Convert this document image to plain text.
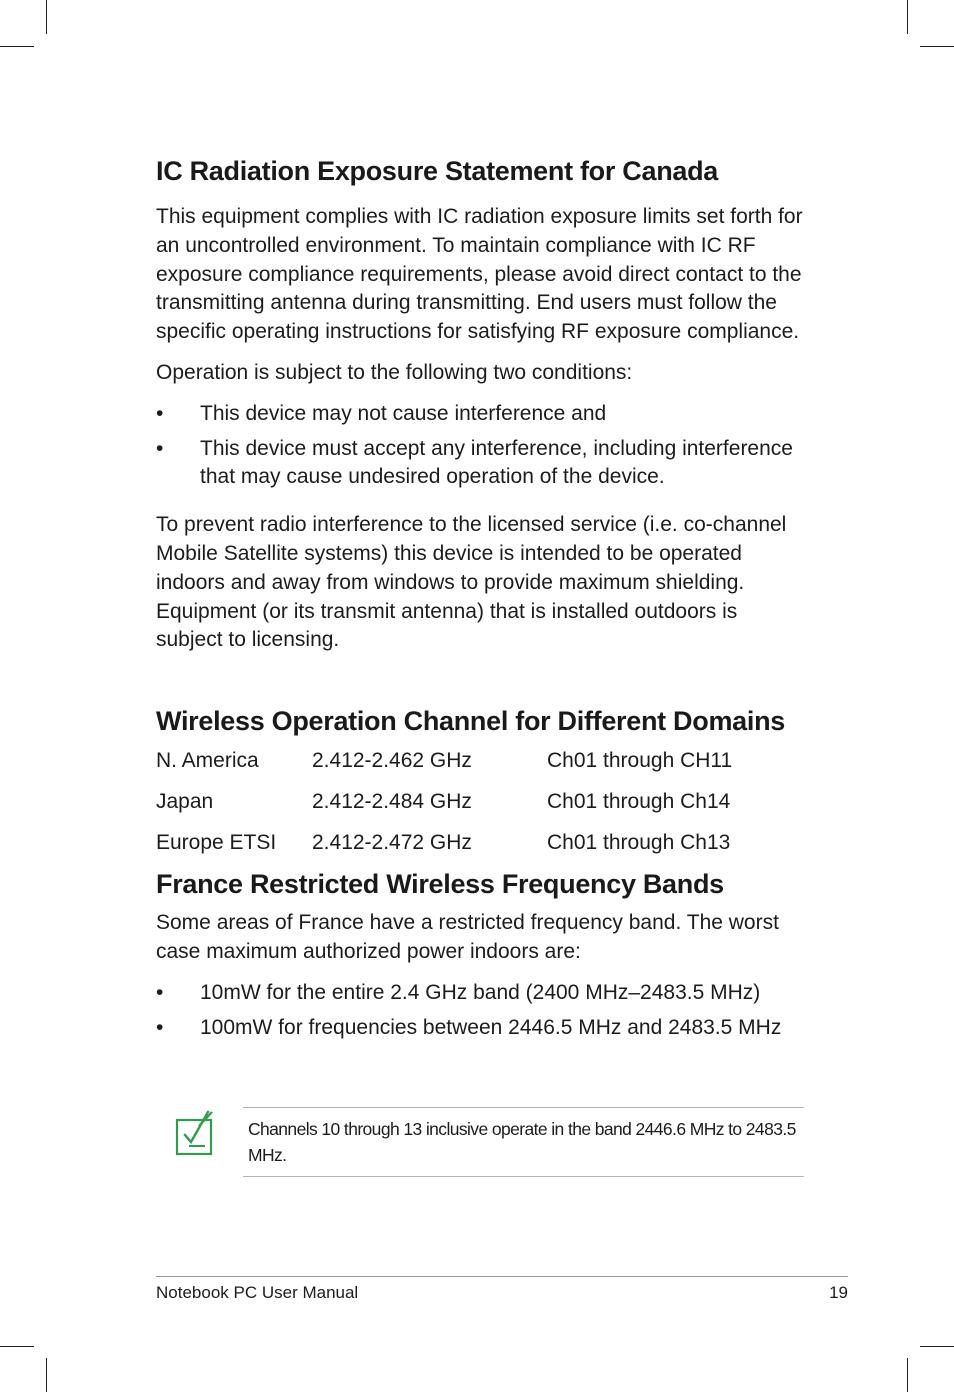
IC Radiation Exposure Statement for Canada

This equipment complies with IC radiation exposure limits set forth for an uncontrolled environment. To maintain compliance with IC RF exposure compliance requirements, please avoid direct contact to the transmitting antenna during transmitting. End users must follow the specific operating instructions for satisfying RF exposure compliance.

Operation is subject to the following two conditions:

• This device may not cause interference and
• This device must accept any interference, including interference that may cause undesired operation of the device.

To prevent radio interference to the licensed service (i.e. co-channel Mobile Satellite systems) this device is intended to be operated indoors and away from windows to provide maximum shielding. Equipment (or its transmit antenna) that is installed outdoors is subject to licensing.

Wireless Operation Channel for Different Domains
N. America	2.412-2.462 GHz	Ch01 through CH11
Japan	2.412-2.484 GHz	Ch01 through Ch14
Europe ETSI 2.412-2.472 GHz	Ch01 through Ch13
France Restricted Wireless Frequency Bands

Some areas of France have a restricted frequency band. The worst case maximum authorized power indoors are:

• 10mW for the entire 2.4 GHz band (2400 MHz–2483.5 MHz)
• 100mW for frequencies between 2446.5 MHz and 2483.5 MHz
Channels 10 through 13 inclusive operate in the band 2446.6 MHz to 2483.5 MHz.
Notebook PC User Manual	19
